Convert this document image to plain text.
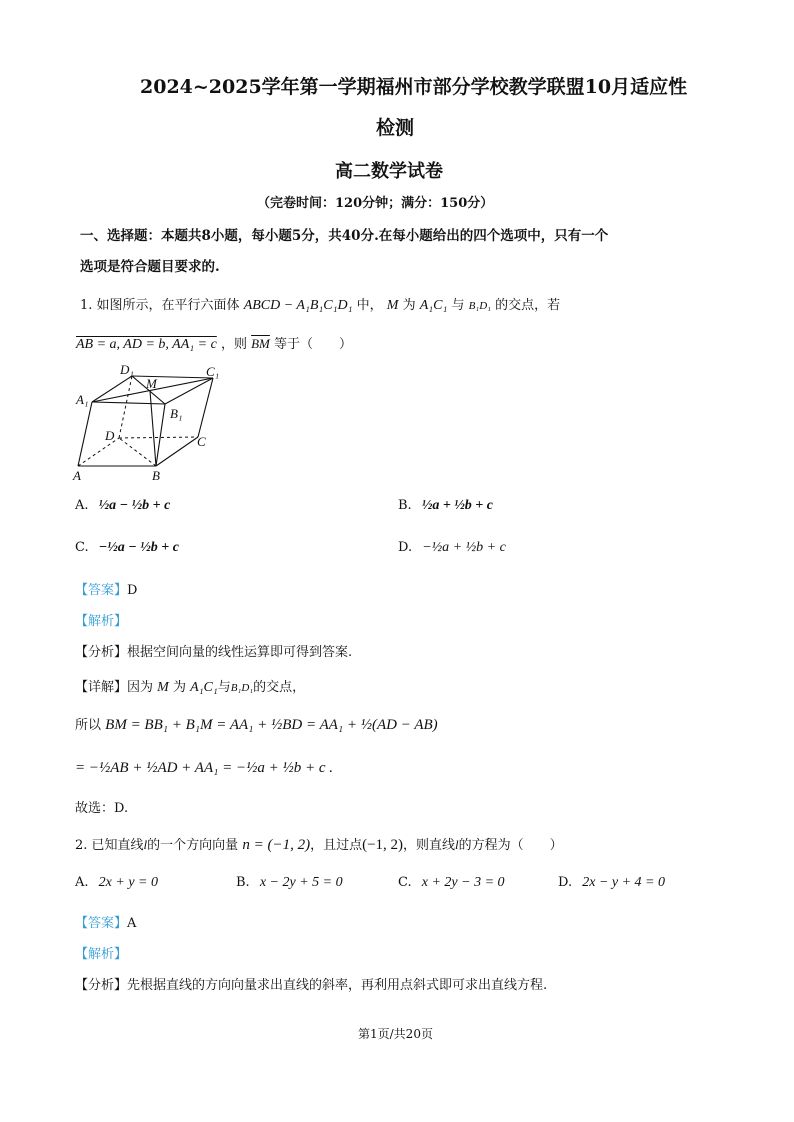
2024~2025学年第一学期福州市部分学校教学联盟10月适应性
检测
高二数学试卷
（完卷时间：120分钟；满分：150分）
一、选择题：本题共8小题，每小题5分，共40分.在每小题给出的四个选项中，只有一个
选项是符合题目要求的.
1. 如图所示，在平行六面体 ABCD − A₁B₁C₁D₁ 中， M 为 A₁C₁ 与 B₁D₁ 的交点，若
AB = a, AD = b, AA₁ = c ，则 $\overline{BM}$ 等于（　　）
D₁
M
C₁
A₁
B₁
D	C
A	B
A. ½a − ½b + c	B. ½a + ½b + c
C. −½a − ½b + c	D. −½a + ½b + c
【答案】D
【解析】
【分析】根据空间向量的线性运算即可得到答案.
【详解】因为 M 为 A₁C₁与B₁D₁的交点，
所以 BM = BB₁ + B₁M = AA₁ + ½BD = AA₁ + ½(AD − AB)
= −½AB + ½AD + AA₁ = −½a + ½b + c .
故选：D.
2. 已知直线l的一个方向向量 n = (−1, 2)，且过点(−1, 2)，则直线l的方程为（　　）
A. 2x + y = 0	B. x − 2y + 5 = 0	C. x + 2y − 3 = 0	D. 2x − y + 4 = 0
【答案】A
【解析】
【分析】先根据直线的方向向量求出直线的斜率，再利用点斜式即可求出直线方程.
第1页/共20页
